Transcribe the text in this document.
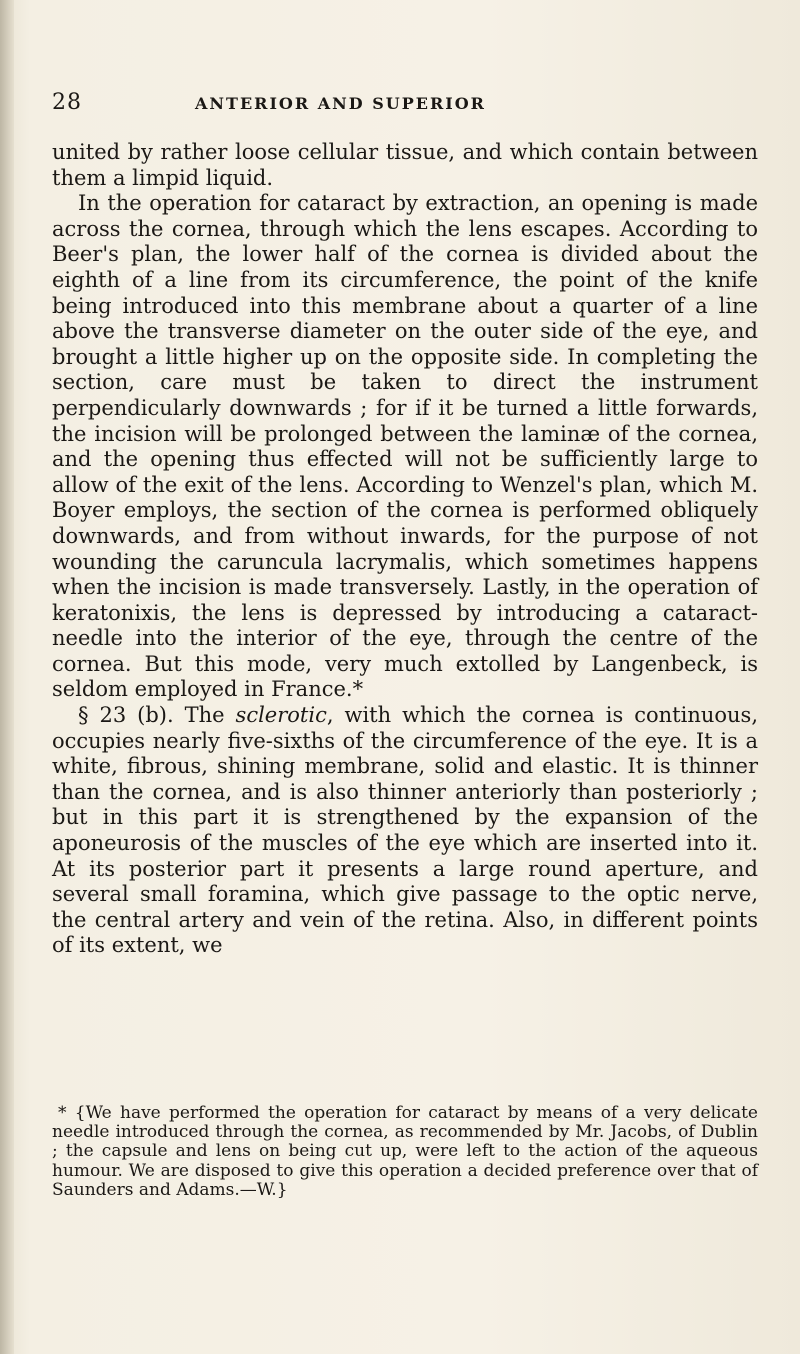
28	ANTERIOR AND SUPERIOR

united by rather loose cellular tissue, and which contain between them a limpid liquid.

In the operation for cataract by extraction, an opening is made across the cornea, through which the lens escapes. According to Beer's plan, the lower half of the cornea is divided about the eighth of a line from its circumference, the point of the knife being introduced into this membrane about a quarter of a line above the transverse diameter on the outer side of the eye, and brought a little higher up on the opposite side. In completing the section, care must be taken to direct the instrument perpendicularly downwards ; for if it be turned a little forwards, the incision will be prolonged between the laminæ of the cornea, and the opening thus effected will not be sufficiently large to allow of the exit of the lens. According to Wenzel's plan, which M. Boyer employs, the section of the cornea is performed obliquely downwards, and from without inwards, for the purpose of not wounding the caruncula lacrymalis, which sometimes happens when the incision is made transversely. Lastly, in the operation of keratonixis, the lens is depressed by introducing a cataract-needle into the interior of the eye, through the centre of the cornea. But this mode, very much extolled by Langenbeck, is seldom employed in France.*

§ 23 (b). The sclerotic, with which the cornea is continuous, occupies nearly five-sixths of the circumference of the eye. It is a white, fibrous, shining membrane, solid and elastic. It is thinner than the cornea, and is also thinner anteriorly than posteriorly ; but in this part it is strengthened by the expansion of the aponeurosis of the muscles of the eye which are inserted into it. At its posterior part it presents a large round aperture, and several small foramina, which give passage to the optic nerve, the central artery and vein of the retina. Also, in different points of its extent, we

* {We have performed the operation for cataract by means of a very delicate needle introduced through the cornea, as recommended by Mr. Jacobs, of Dublin ; the capsule and lens on being cut up, were left to the action of the aqueous humour. We are disposed to give this operation a decided preference over that of Saunders and Adams.—W.}
